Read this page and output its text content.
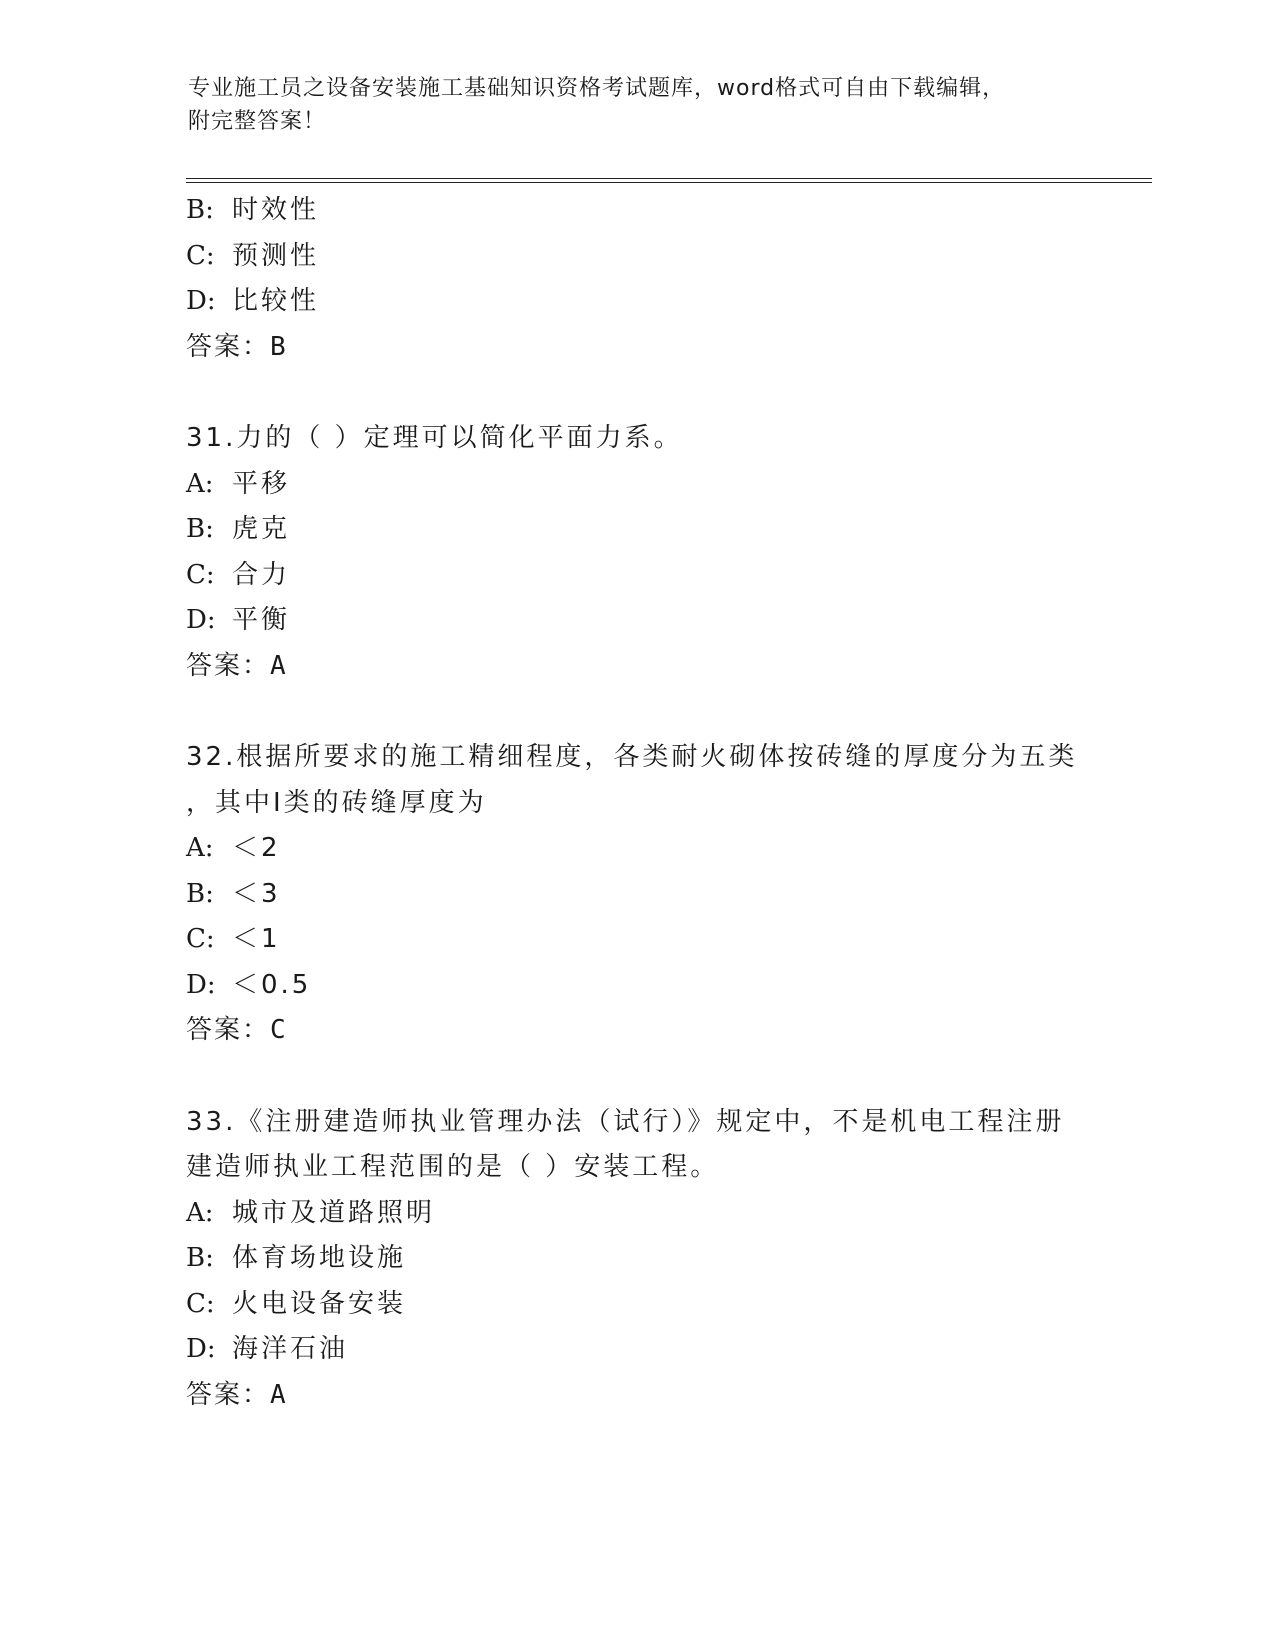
专业施工员之设备安装施工基础知识资格考试题库，word格式可自由下载编辑，
附完整答案！
B: 时效性
C: 预测性
D: 比较性
答案：B
31.力的（ ）定理可以简化平面力系。
A: 平移
B: 虎克
C: 合力
D: 平衡
答案：A
32.根据所要求的施工精细程度，各类耐火砌体按砖缝的厚度分为五类
，其中Ⅰ类的砖缝厚度为
A: ＜2
B: ＜3
C: ＜1
D: ＜0.5
答案：C
33.《注册建造师执业管理办法（试行）》规定中，不是机电工程注册
建造师执业工程范围的是（ ）安装工程。
A: 城市及道路照明
B: 体育场地设施
C: 火电设备安装
D: 海洋石油
答案：A
